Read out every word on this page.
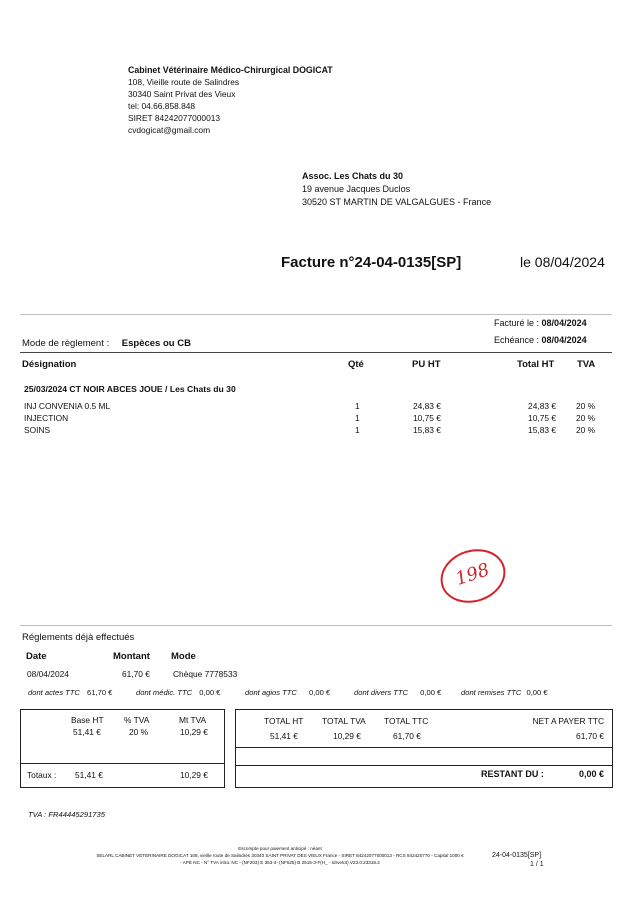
Cabinet Vétérinaire Médico-Chirurgical DOGICAT
108, Vieille route de Salindres
30340 Saint Privat des Vieux
tel: 04.66.858.848
SIRET 84242077000013
cvdogicat@gmail.com
Assoc. Les Chats du 30
19 avenue Jacques Duclos
30520 ST MARTIN DE VALGALGUES - France
Facture n°24-04-0135[SP]	le 08/04/2024
Facturé le : 08/04/2024
Echéance : 08/04/2024
Mode de règlement : Espèces ou CB
Désignation	Qté	PU HT	Total HT TVA
25/03/2024 CT NOIR ABCES JOUE / Les Chats du 30
INJ CONVENIA 0.5 ML	1	24,83 €	24,83 € 20 %
INJECTION	1	10,75 €	10,75 € 20 %
SOINS	1	15,83 €	15,83 € 20 %
198
Réglements déjà effectués
Date	Montant Mode
08/04/2024	61,70 €	Chèque 7778533
dont actes TTC 61,70 €	dont médic. TTC 0,00 €	dont agios TTC 0,00 €	dont divers TTC 0,00 €	dont remises TTC 0,00 €
Base HT % TVA	Mt TVA
51,41 €	20 %	10,29 €
Totaux : 51,41 €	10,29 €
TOTAL HT TOTAL TVA TOTAL TTC	NET A PAYER TTC
51,41 €	10,29 €	61,70 €	61,70 €
RESTANT DU :	0,00 €
TVA : FR44445291735
Escompte pour paiement anticipé : néant
SELARL CABINET VETERINAIRE DOGICAT 108, vieille route de Salindres 30340 SAINT PRIVAT DES VIEUX France - SIRET 84242077000013 - RCS 842420770 - Capital 1000 €
- APE NC - N° TVA intra. NC - (NF203) E 363-4- (NF525) B 2515-3-F(H_ - Idrvetot) V23.0.23318.2
24-04-0135[SP]
1 / 1
